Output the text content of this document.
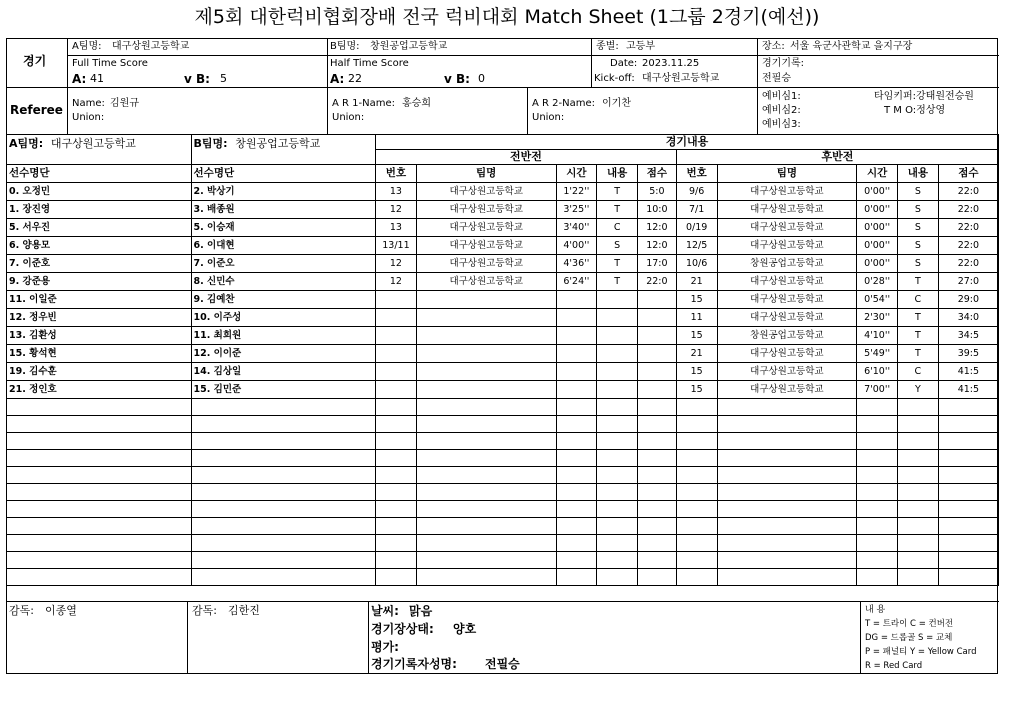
제5회 대한럭비협회장배 전국 럭비대회 Match Sheet (1그룹 2경기(예선))
경기
A팀명: 대구상원고등학교	B팀명: 창원공업고등학교	종별: 고등부	장소: 서울 육군사관학교 을지구장
Full Time Score
A: 41	v B: 5
Half Time Score
A: 22	v B: 0
Date: 2023.11.25
Kick-off: 대구상원고등학교
경기기록:
전필승
Referee Name: 김원규
Union:
A R 1-Name: 홍승희
Union:
A R 2-Name: 이기찬
Union:
예비심1:
예비심2:
예비심3:
타임키퍼:강태원전승원
T M O:정상영
A팀명: 대구상원고등학교	B팀명: 창원공업고등학교	경기내용									
		전반전					후반전				
선수명단	선수명단	번호	팀명	시간	내용	점수	번호	팀명	시간	내용	점수
0. 오정민	2. 박상기	13	대구상원고등학교	1'22''	T	5:0	9/6	대구상원고등학교	0'00''	S	22:0
1. 장진영	3. 배종원	12	대구상원고등학교	3'25''	T	10:0	7/1	대구상원고등학교	0'00''	S	22:0
5. 서우진	5. 이승재	13	대구상원고등학교	3'40''	C	12:0	0/19	대구상원고등학교	0'00''	S	22:0
6. 양용모	6. 이대현	13/11	대구상원고등학교	4'00''	S	12:0	12/5	대구상원고등학교	0'00''	S	22:0
7. 이준호	7. 이준오	12	대구상원고등학교	4'36''	T	17:0	10/6	창원공업고등학교	0'00''	S	22:0
9. 강준용	8. 신민수	12	대구상원고등학교	6'24''	T	22:0	21	대구상원고등학교	0'28''	T	27:0
11. 이일준	9. 김예찬						15	대구상원고등학교	0'54''	C	29:0
12. 정우빈	10. 이주성						11	대구상원고등학교	2'30''	T	34:0
13. 김환성	11. 최희원						15	창원공업고등학교	4'10''	T	34:5
15. 황석현	12. 이이준						21	대구상원고등학교	5'49''	T	39:5
19. 김수훈	14. 김상일						15	대구상원고등학교	6'10''	C	41:5
21. 정인호	15. 김민준						15	대구상원고등학교	7'00''	Y	41:5

감독: 이종열	감독: 김한진	날씨: 맑음
경기장상태: 양호
평가:
경기기록자성명: 전필승
내 용
T = 트라이 C = 컨버전
DG = 드롭골 S = 교체
P = 패널티 Y = Yellow Card
R = Red Card
